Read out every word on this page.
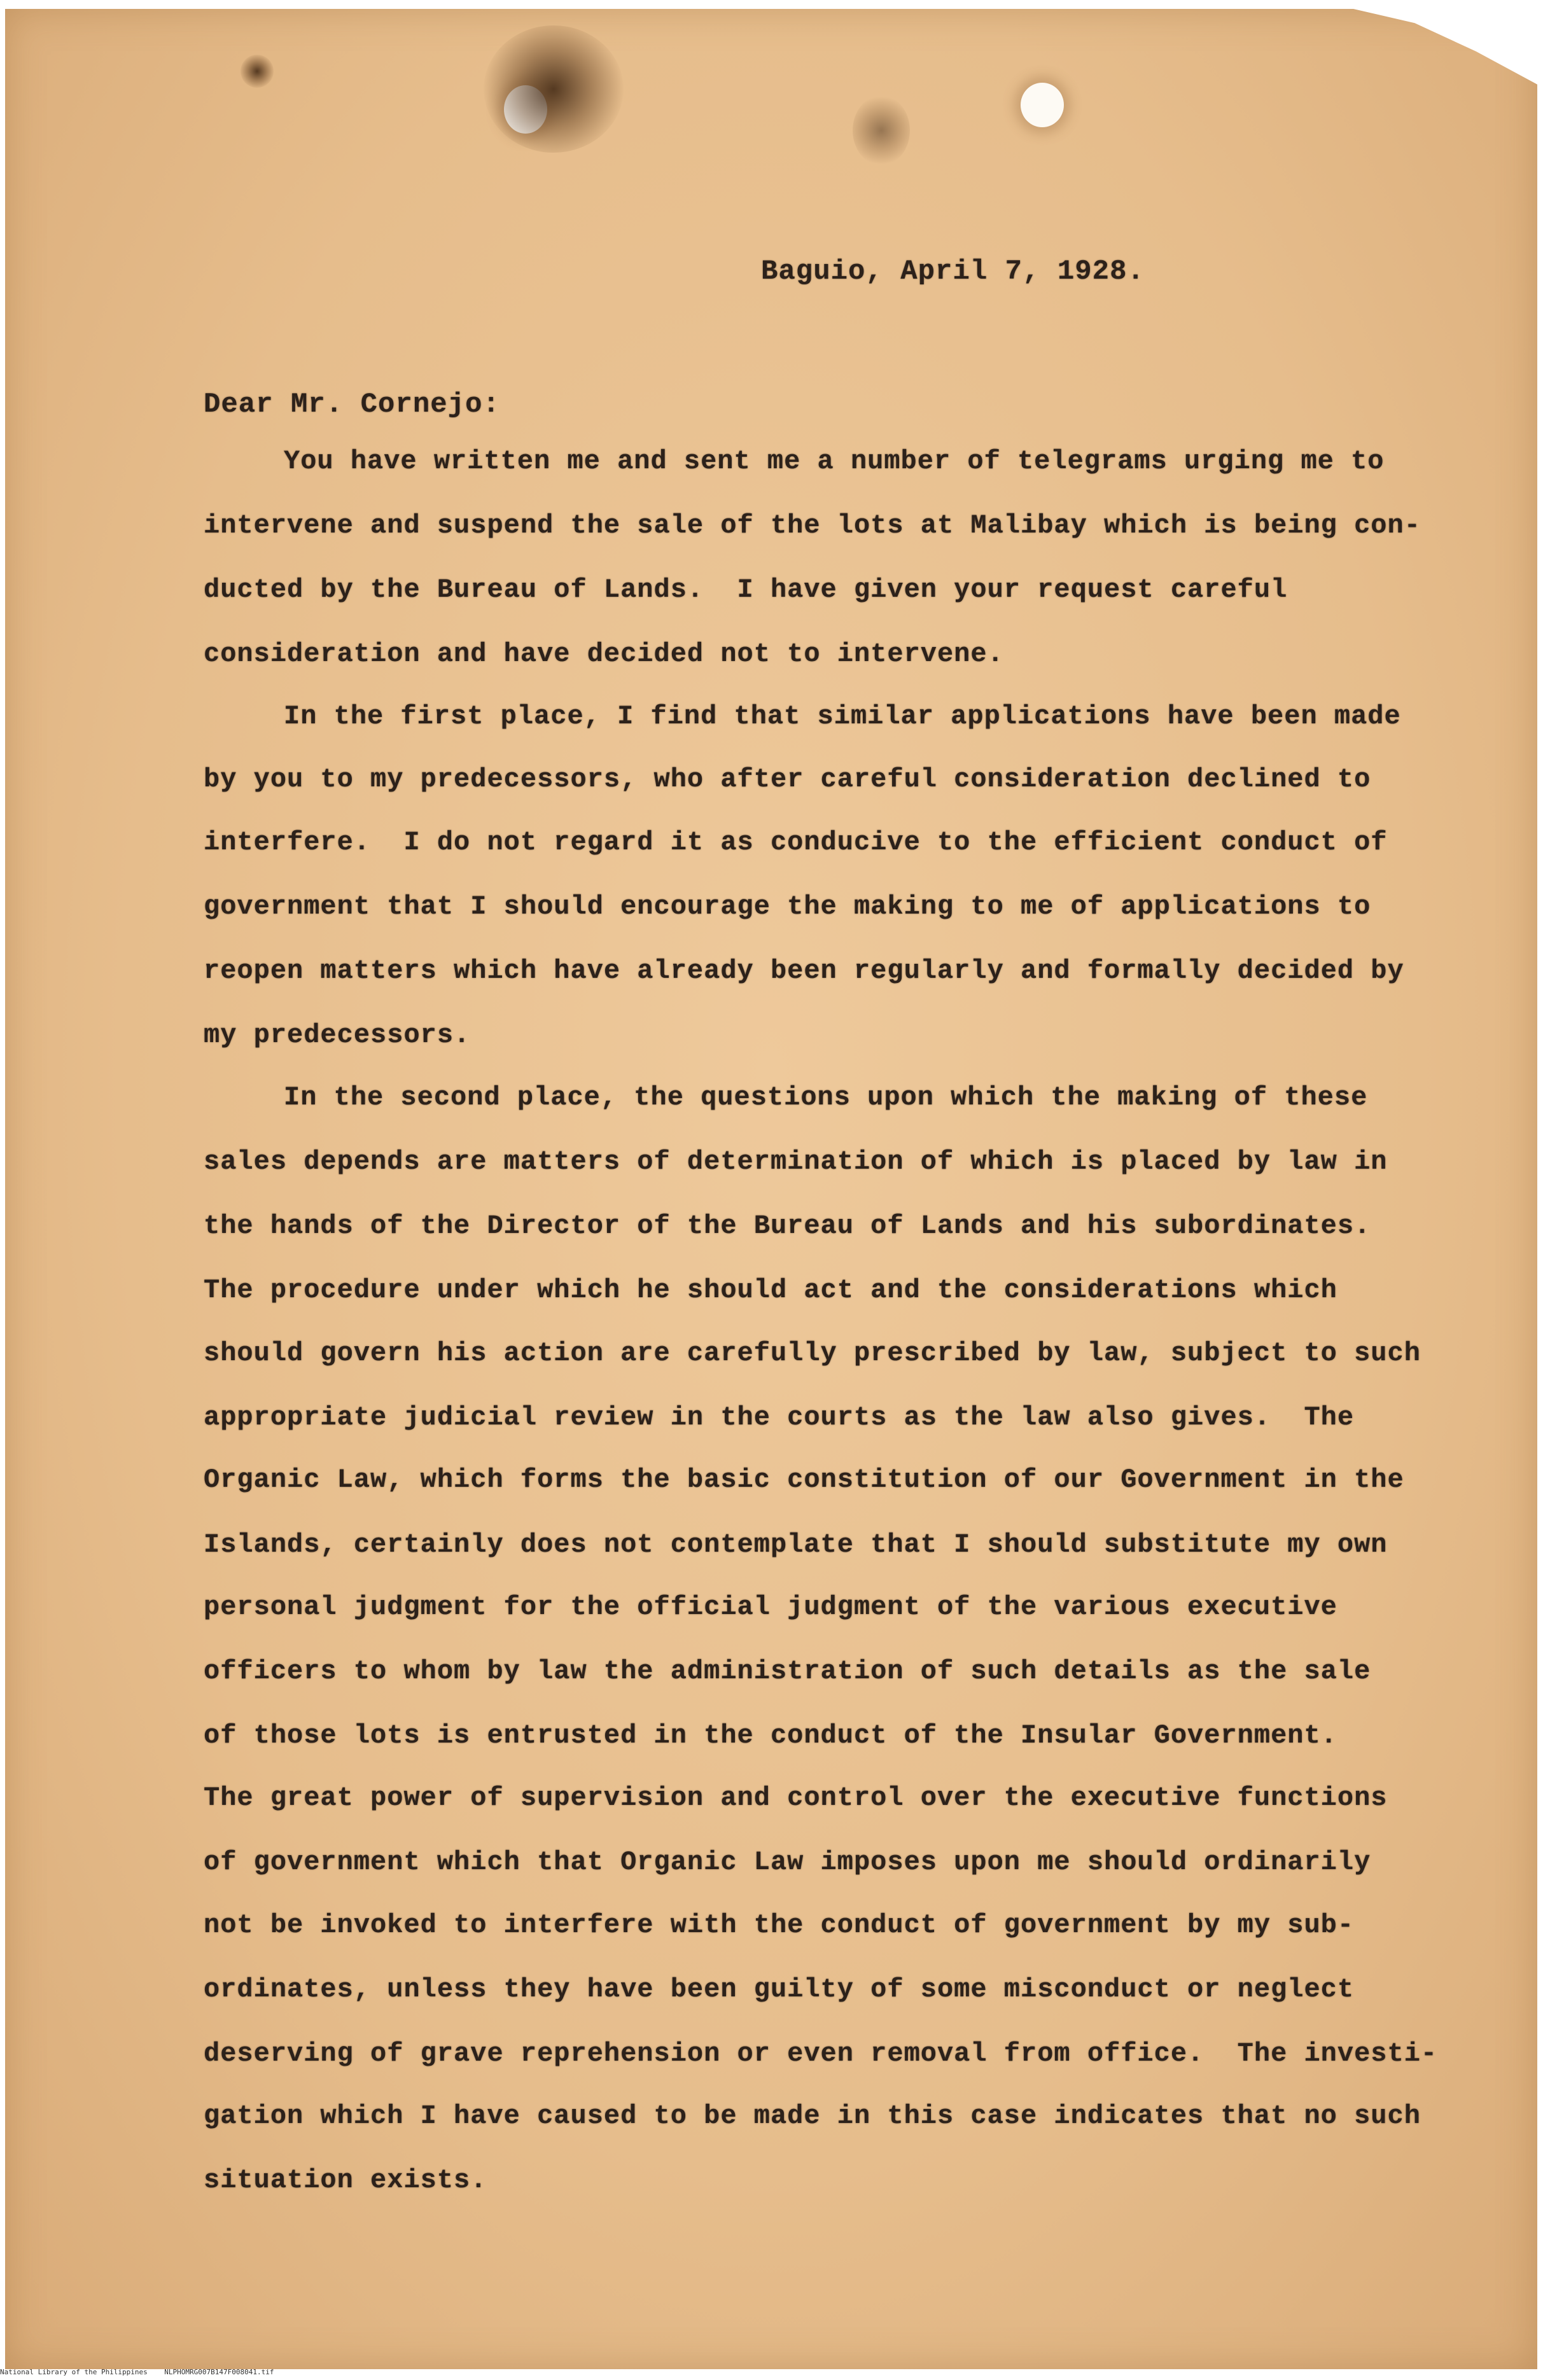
Baguio, April 7, 1928.

Dear Mr. Cornejo:

You have written me and sent me a number of telegrams urging me to

intervene and suspend the sale of the lots at Malibay which is being con-

ducted by the Bureau of Lands.  I have given your request careful

consideration and have decided not to intervene.

In the first place, I find that similar applications have been made

by you to my predecessors, who after careful consideration declined to

interfere.  I do not regard it as conducive to the efficient conduct of

government that I should encourage the making to me of applications to

reopen matters which have already been regularly and formally decided by

my predecessors.

In the second place, the questions upon which the making of these

sales depends are matters of determination of which is placed by law in

the hands of the Director of the Bureau of Lands and his subordinates.

The procedure under which he should act and the considerations which

should govern his action are carefully prescribed by law, subject to such

appropriate judicial review in the courts as the law also gives.  The

Organic Law, which forms the basic constitution of our Government in the

Islands, certainly does not contemplate that I should substitute my own

personal judgment for the official judgment of the various executive

officers to whom by law the administration of such details as the sale

of those lots is entrusted in the conduct of the Insular Government.

The great power of supervision and control over the executive functions

of government which that Organic Law imposes upon me should ordinarily

not be invoked to interfere with the conduct of government by my sub-

ordinates, unless they have been guilty of some misconduct or neglect

deserving of grave reprehension or even removal from office.  The investi-

gation which I have caused to be made in this case indicates that no such

situation exists.

National Library of the Philippines    NLPHOMRG007B147F008041.tif
